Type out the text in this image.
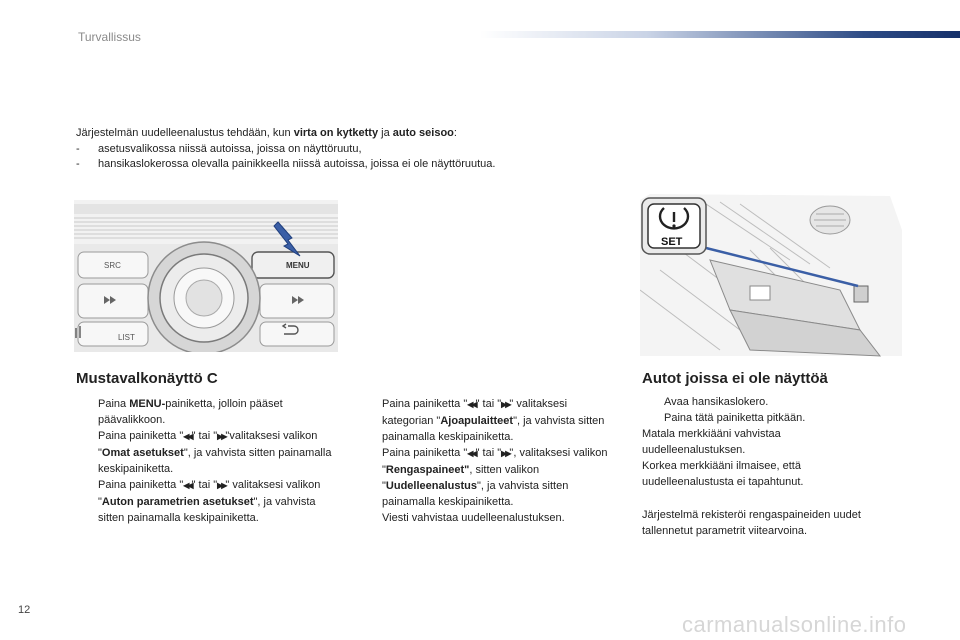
Turvallissus
Järjestelmän uudelleenalustus tehdään, kun virta on kytketty ja auto seisoo:
-	asetusvalikossa niissä autoissa, joissa on näyttöruutu,
-	hansikaslokerossa olevalla painikkeella niissä autoissa, joissa ei ole näyttöruutua.
SRC	MENU
LIST
SET
Mustavalkonäyttö C
Paina MENU-painiketta, jolloin pääset päävalikkoon.
Paina painiketta "◀◀" tai "▶▶"valitaksesi valikon "Omat asetukset", ja vahvista sitten painamalla keskipainiketta.
Paina painiketta "◀◀" tai "▶▶" valitaksesi valikon "Auton parametrien asetukset", ja vahvista sitten painamalla keskipainiketta.
Paina painiketta "◀◀" tai "▶▶" valitaksesi kategorian "Ajoapulaitteet", ja vahvista sitten painamalla keskipainiketta.
Paina painiketta "◀◀" tai "▶▶", valitaksesi valikon "Rengaspaineet", sitten valikon "Uudelleenalustus", ja vahvista sitten painamalla keskipainiketta.
Viesti vahvistaa uudelleenalustuksen.
Autot joissa ei ole näyttöä
Avaa hansikaslokero.
Paina tätä painiketta pitkään.
Matala merkkiääni vahvistaa uudelleenalustuksen.
Korkea merkkiääni ilmaisee, että uudelleenalustusta ei tapahtunut.
Järjestelmä rekisteröi rengaspaineiden uudet tallennetut parametrit viitearvoina.
12
carmanualsonline.info
